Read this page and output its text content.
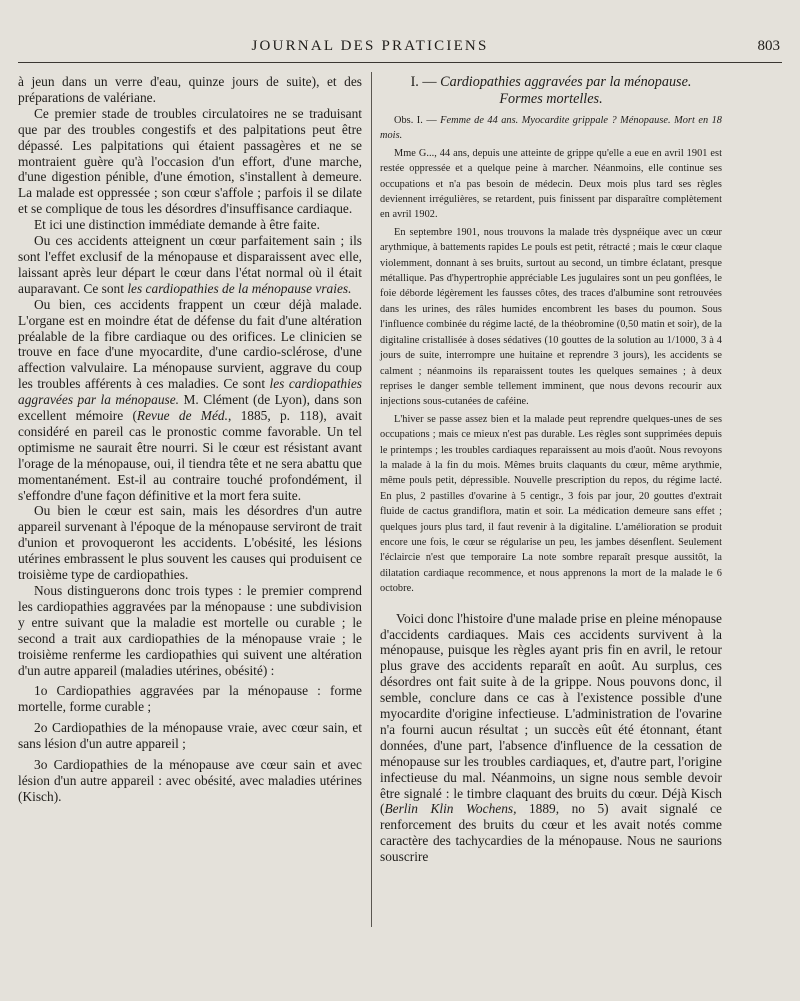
JOURNAL DES PRATICIENS	803

à jeun dans un verre d'eau, quinze jours de suite), et des préparations de valériane.

Ce premier stade de troubles circulatoires ne se traduisant que par des troubles congestifs et des palpitations peut être dépassé. Les palpitations qui étaient passagères et ne se montraient guère qu'à l'occasion d'un effort, d'une marche, d'une digestion pénible, d'une émotion, s'installent à demeure. La malade est oppressée ; son cœur s'affole ; parfois il se dilate et se complique de tous les désordres d'insuffisance cardiaque.

Et ici une distinction immédiate demande à être faite.

Ou ces accidents atteignent un cœur parfaitement sain ; ils sont l'effet exclusif de la ménopause et disparaissent avec elle, laissant après leur départ le cœur dans l'état normal où il était auparavant. Ce sont les cardiopathies de la ménopause vraies.

Ou bien, ces accidents frappent un cœur déjà malade. L'organe est en moindre état de défense du fait d'une altération préalable de la fibre cardiaque ou des orifices. Le clinicien se trouve en face d'une myocardite, d'une cardio-sclérose, d'une affection valvulaire. La ménopause survient, aggrave du coup les troubles afférents à ces maladies. Ce sont les cardiopathies aggravées par la ménopause. M. Clément (de Lyon), dans son excellent mémoire (Revue de Méd., 1885, p. 118), avait considéré en pareil cas le pronostic comme favorable. Un tel optimisme ne saurait être nourri. Si le cœur est résistant avant l'orage de la ménopause, oui, il tiendra tête et ne sera abattu que momentanément. Est-il au contraire touché profondément, il s'effondre d'une façon définitive et la mort fera suite.

Ou bien le cœur est sain, mais les désordres d'un autre appareil survenant à l'époque de la ménopause serviront de trait d'union et provoqueront les accidents. L'obésité, les lésions utérines embrassent le plus souvent les causes qui produisent ce troisième type de cardiopathies.

Nous distinguerons donc trois types : le premier comprend les cardiopathies aggravées par la ménopause : une subdivision y entre suivant que la maladie est mortelle ou curable ; le second a trait aux cardiopathies de la ménopause vraie ; le troisième renferme les cardiopathies qui suivent une altération d'un autre appareil (maladies utérines, obésité) :

1o Cardiopathies aggravées par la ménopause : forme mortelle, forme curable ;

2o Cardiopathies de la ménopause vraie, avec cœur sain, et sans lésion d'un autre appareil ;

3o Cardiopathies de la ménopause ave cœur sain et avec lésion d'un autre appareil : avec obésité, avec maladies utérines (Kisch).

I. — Cardiopathies aggravées par la ménopause.
Formes mortelles.

Obs. I. — Femme de 44 ans. Myocardite grippale ? Ménopause. Mort en 18 mois.

Mme G..., 44 ans, depuis une atteinte de grippe qu'elle a eue en avril 1901 est restée oppressée et a quelque peine à marcher. Néanmoins, elle continue ses occupations et n'a pas besoin de médecin. Deux mois plus tard ses règles deviennent irrégulières, se retardent, puis finissent par disparaître complètement en avril 1902.

En septembre 1901, nous trouvons la malade très dyspnéique avec un cœur arythmique, à battements rapides Le pouls est petit, rétracté ; mais le cœur claque violemment, donnant à ses bruits, surtout au second, un timbre éclatant, presque métallique. Pas d'hypertrophie appréciable Les jugulaires sont un peu gonflées, le foie déborde légèrement les fausses côtes, des traces d'albumine sont retrouvées dans les urines, des râles humides encombrent les bases du poumon. Sous l'influence combinée du régime lacté, de la théobromine (0,50 matin et soir), de la digitaline cristallisée à doses sédatives (10 gouttes de la solution au 1/1000, 3 à 4 jours de suite, interrompre une huitaine et reprendre 3 jours), les accidents se calment ; néanmoins ils reparaissent toutes les quelques semaines ; à deux reprises le danger semble tellement imminent, que nous devons recourir aux injections sous-cutanées de caféine.

L'hiver se passe assez bien et la malade peut reprendre quelques-unes de ses occupations ; mais ce mieux n'est pas durable. Les règles sont supprimées depuis le printemps ; les troubles cardiaques reparaissent au mois d'août. Nous revoyons la malade à la fin du mois. Mêmes bruits claquants du cœur, même arythmie, même pouls petit, dépressible. Nouvelle prescription du repos, du régime lacté. En plus, 2 pastilles d'ovarine à 5 centigr., 3 fois par jour, 20 gouttes d'extrait fluide de cactus grandiflora, matin et soir. La médication demeure sans effet ; quelques jours plus tard, il faut revenir à la digitaline. L'amélioration se produit encore une fois, le cœur se régularise un peu, les jambes désenflent. Seulement l'éclaircie n'est que temporaire La note sombre reparaît presque aussitôt, la dilatation cardiaque recommence, et nous apprenons la mort de la malade le 6 octobre.

Voici donc l'histoire d'une malade prise en pleine ménopause d'accidents cardiaques. Mais ces accidents survivent à la ménopause, puisque les règles ayant pris fin en avril, le retour plus grave des accidents reparaît en août. Au surplus, ces désordres ont fait suite à de la grippe. Nous pouvons donc, il semble, conclure dans ce cas à l'existence possible d'une myocardite d'origine infectieuse. L'administration de l'ovarine n'a fourni aucun résultat ; un succès eût été étonnant, étant données, d'une part, l'absence d'influence de la cessation de ménopause sur les troubles cardiaques, et, d'autre part, l'origine infectieuse du mal. Néanmoins, un signe nous semble devoir être signalé : le timbre claquant des bruits du cœur. Déjà Kisch (Berlin Klin Wochens, 1889, no 5) avait signalé ce renforcement des bruits du cœur et les avait notés comme caractère des tachycardies de la ménopause. Nous ne saurions souscrire
